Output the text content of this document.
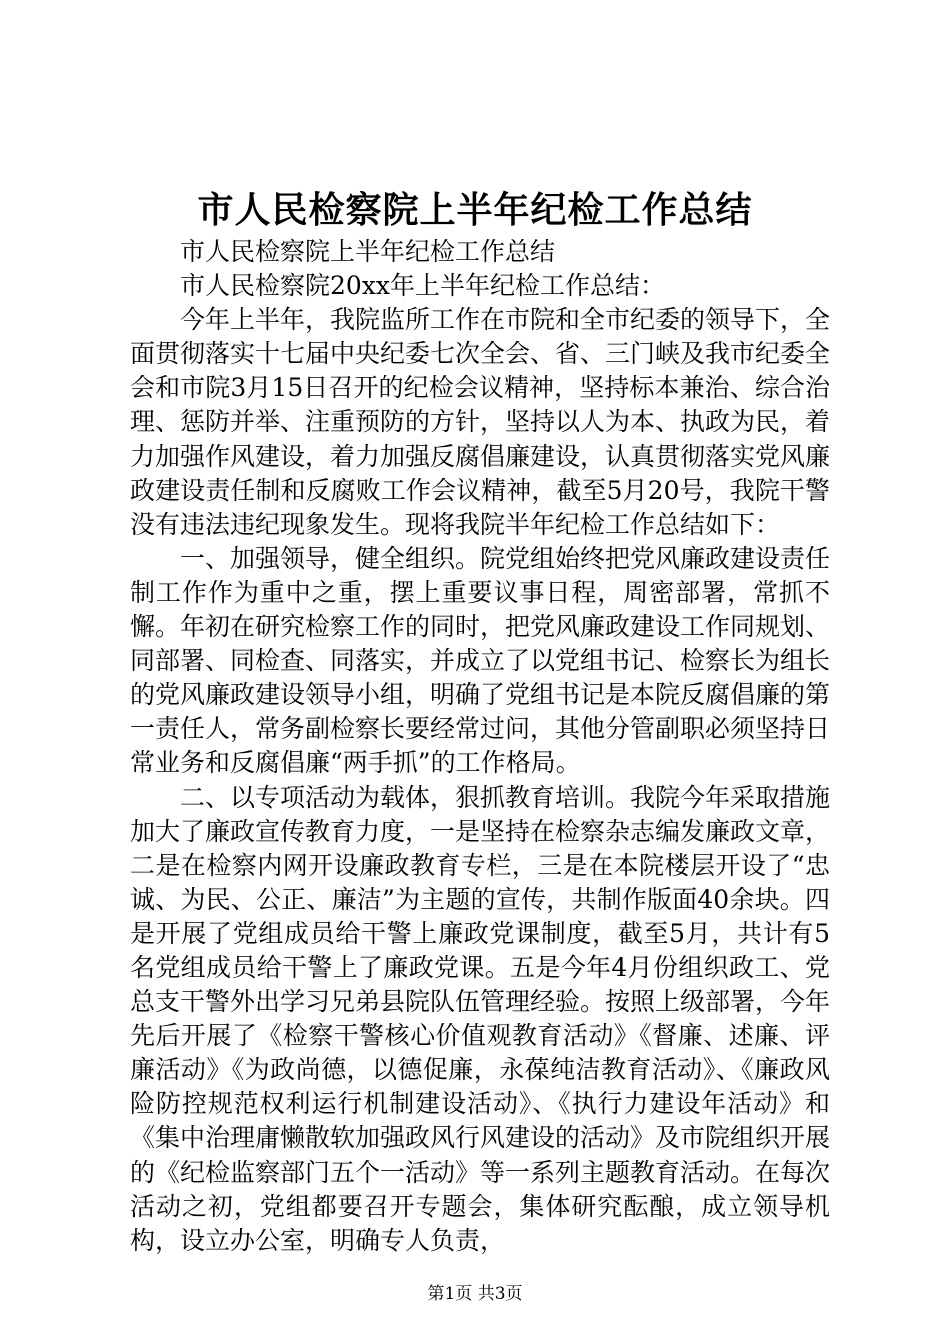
市人民检察院上半年纪检工作总结

市人民检察院上半年纪检工作总结

市人民检察院20xx年上半年纪检工作总结：

今年上半年，我院监所工作在市院和全市纪委的领导下，全面贯彻落实十七届中央纪委七次全会、省、三门峡及我市纪委全会和市院3月15日召开的纪检会议精神，坚持标本兼治、综合治理、惩防并举、注重预防的方针，坚持以人为本、执政为民，着力加强作风建设，着力加强反腐倡廉建设，认真贯彻落实党风廉政建设责任制和反腐败工作会议精神，截至5月20号，我院干警没有违法违纪现象发生。现将我院半年纪检工作总结如下：

一、加强领导，健全组织。院党组始终把党风廉政建设责任制工作作为重中之重，摆上重要议事日程，周密部署，常抓不懈。年初在研究检察工作的同时，把党风廉政建设工作同规划、同部署、同检查、同落实，并成立了以党组书记、检察长为组长的党风廉政建设领导小组，明确了党组书记是本院反腐倡廉的第一责任人，常务副检察长要经常过问，其他分管副职必须坚持日常业务和反腐倡廉“两手抓”的工作格局。

二、以专项活动为载体，狠抓教育培训。我院今年采取措施加大了廉政宣传教育力度，一是坚持在检察杂志编发廉政文章，二是在检察内网开设廉政教育专栏，三是在本院楼层开设了“忠诚、为民、公正、廉洁”为主题的宣传，共制作版面40余块。四是开展了党组成员给干警上廉政党课制度，截至5月，共计有5名党组成员给干警上了廉政党课。五是今年4月份组织政工、党总支干警外出学习兄弟县院队伍管理经验。按照上级部署，今年先后开展了《检察干警核心价值观教育活动》《督廉、述廉、评廉活动》《为政尚德，以德促廉，永葆纯洁教育活动》、《廉政风险防控规范权利运行机制建设活动》、《执行力建设年活动》和《集中治理庸懒散软加强政风行风建设的活动》及市院组织开展的《纪检监察部门五个一活动》等一系列主题教育活动。在每次活动之初，党组都要召开专题会，集体研究酝酿，成立领导机构，设立办公室，明确专人负责，

第1页 共3页
